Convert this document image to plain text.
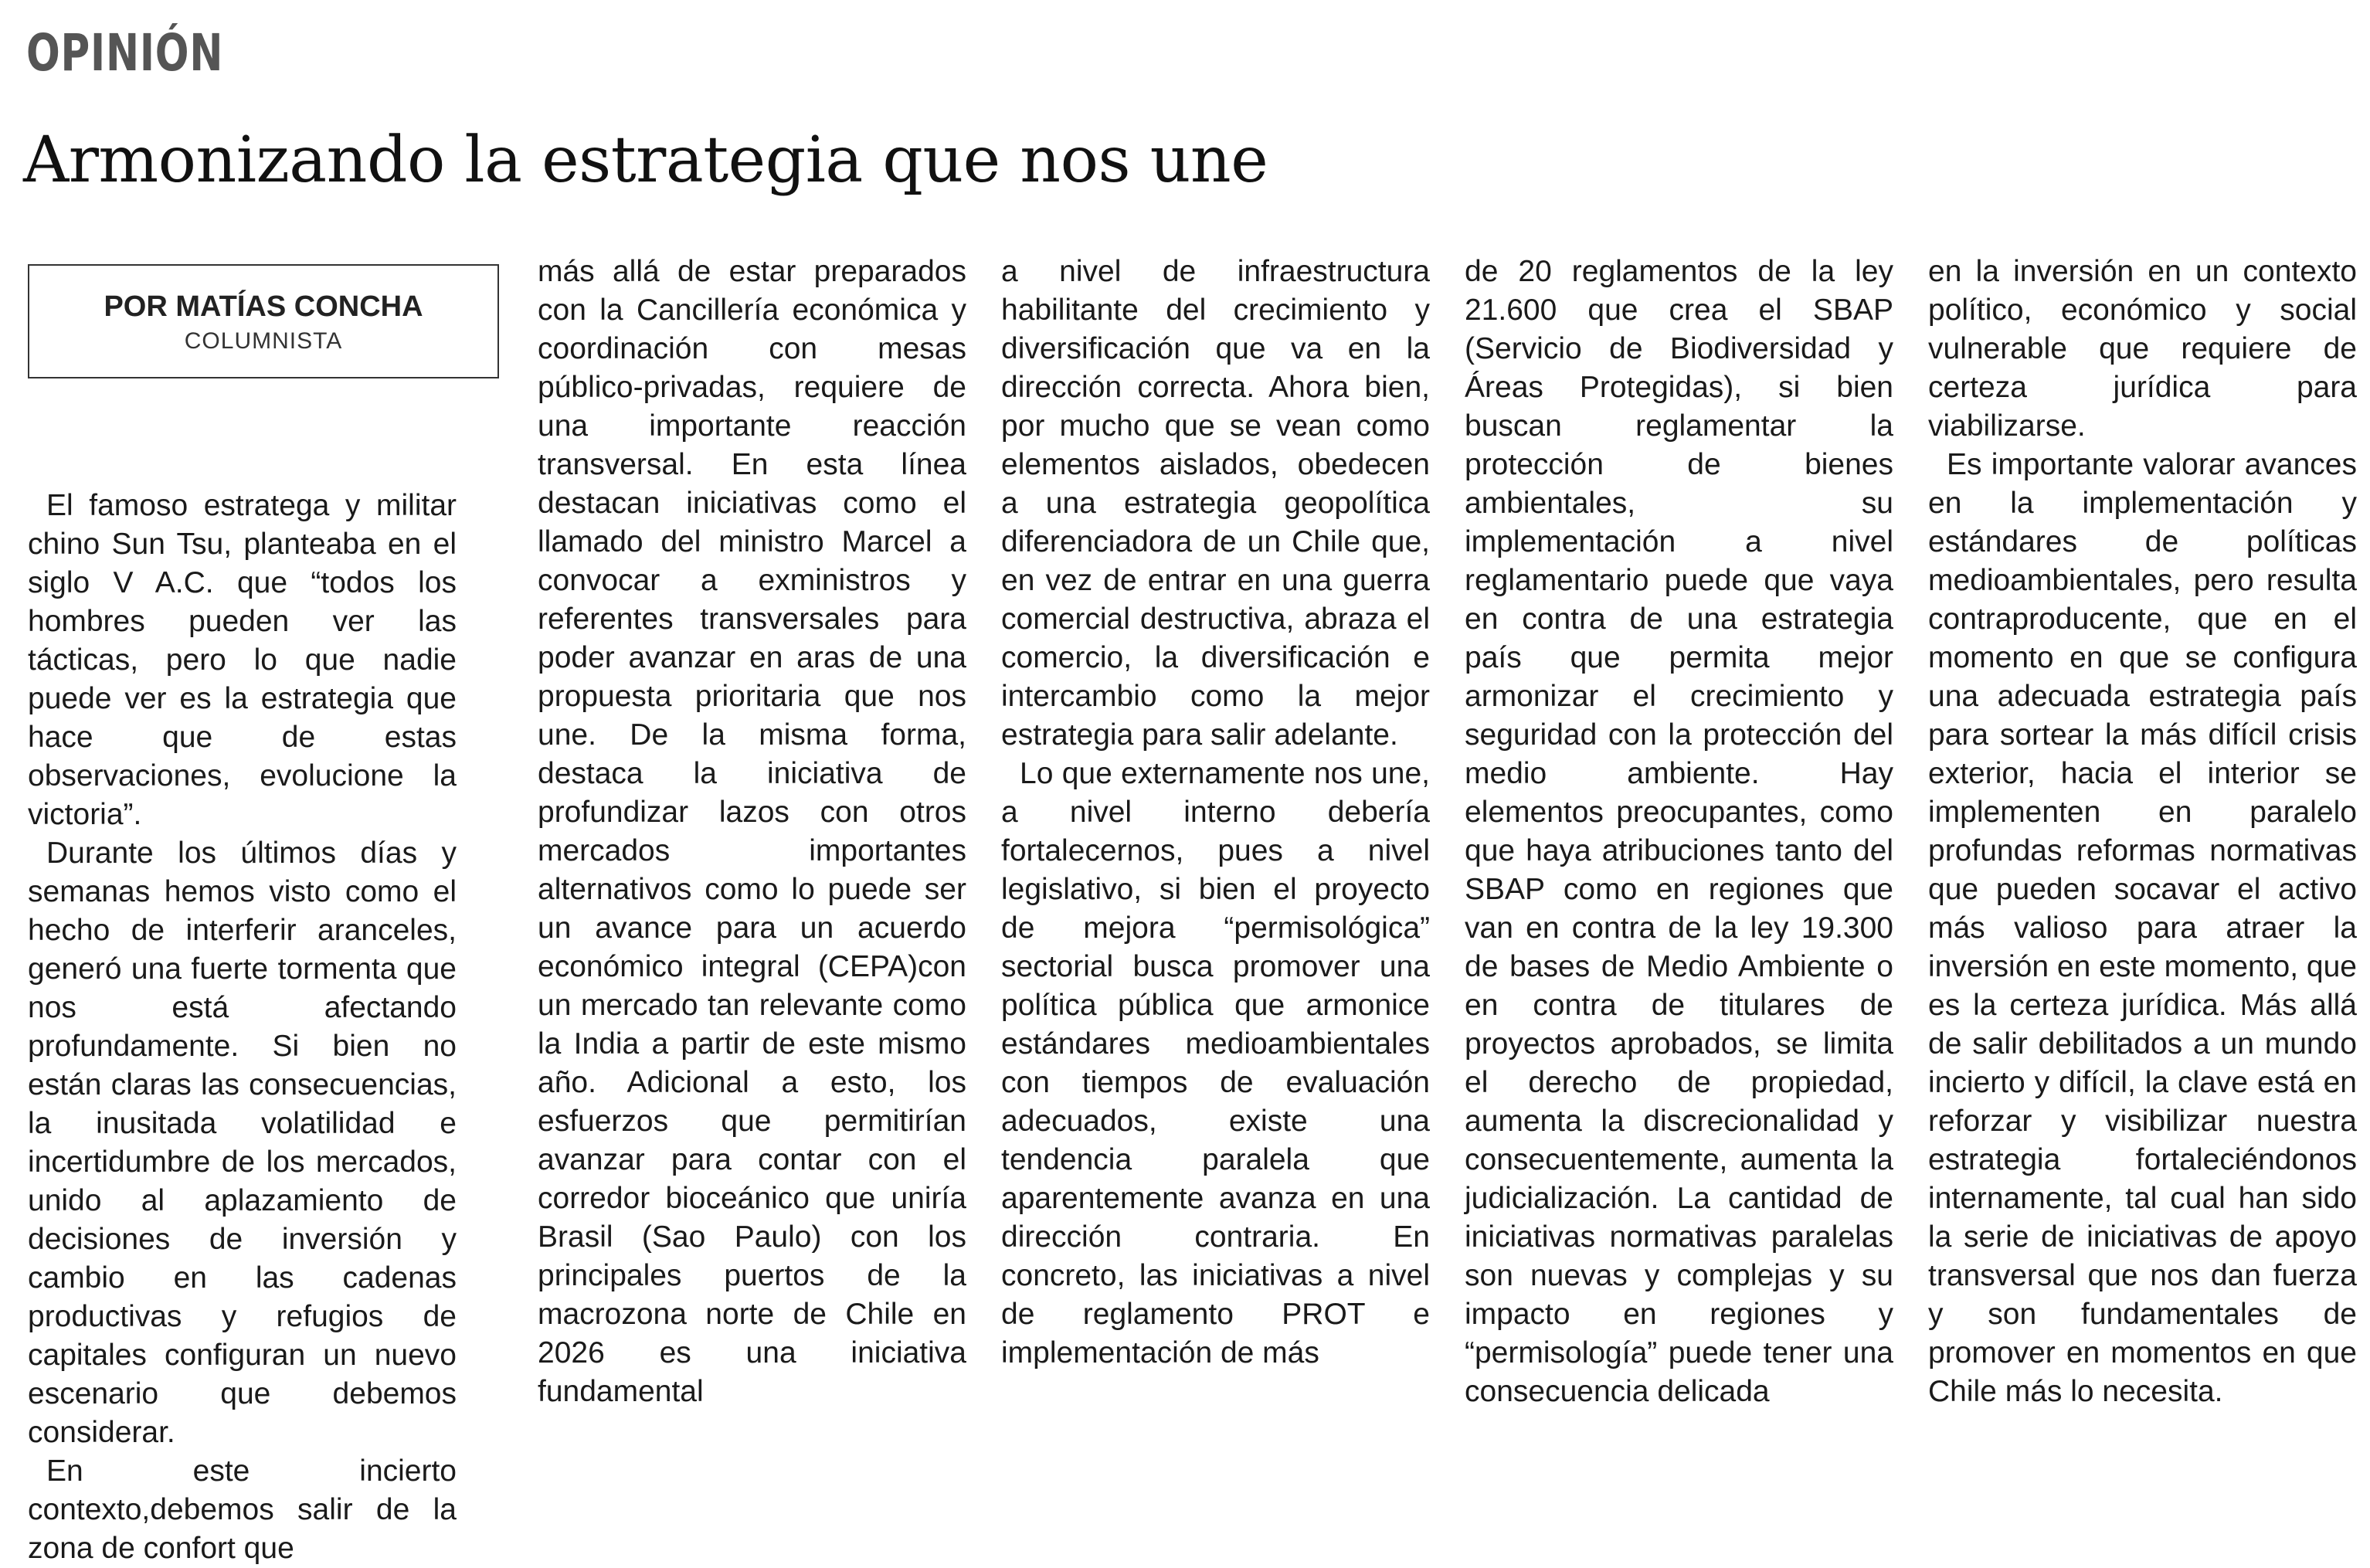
OPINIÓN
Armonizando la estrategia que nos une
POR MATÍAS CONCHA
COLUMNISTA

El famoso estratega y militar chino Sun Tsu, planteaba en el siglo V A.C. que “todos los hombres pueden ver las tácticas, pero lo que nadie puede ver es la estrategia que hace que de estas observaciones, evolucione la victoria”.

Durante los últimos días y semanas hemos visto como el hecho de interferir aranceles, generó una fuerte tormenta que nos está afectando profundamente. Si bien no están claras las consecuencias, la inusitada volatilidad e incertidumbre de los mercados, unido al aplazamiento de decisiones de inversión y cambio en las cadenas productivas y refugios de capitales configuran un nuevo escenario que debemos considerar.

En este incierto contexto,debemos salir de la zona de confort que

más allá de estar preparados con la Cancillería económica y coordinación con mesas público-privadas, requiere de una importante reacción transversal. En esta línea destacan iniciativas como el llamado del ministro Marcel a convocar a exministros y referentes transversales para poder avanzar en aras de una propuesta prioritaria que nos une. De la misma forma, destaca la iniciativa de profundizar lazos con otros mercados importantes alternativos como lo puede ser un avance para un acuerdo económico integral (CEPA)con un mercado tan relevante como la India a partir de este mismo año. Adicional a esto, los esfuerzos que permitirían avanzar para contar con el corredor bioceánico que uniría Brasil (Sao Paulo) con los principales puertos de la macrozona norte de Chile en 2026 es una iniciativa fundamental

a nivel de infraestructura habilitante del crecimiento y diversificación que va en la dirección correcta. Ahora bien, por mucho que se vean como elementos aislados, obedecen a una estrategia geopolítica diferenciadora de un Chile que, en vez de entrar en una guerra comercial destructiva, abraza el comercio, la diversificación e intercambio como la mejor estrategia para salir adelante.

Lo que externamente nos une, a nivel interno debería fortalecernos, pues a nivel legislativo, si bien el proyecto de mejora “permisológica” sectorial busca promover una política pública que armonice estándares medioambientales con tiempos de evaluación adecuados, existe una tendencia paralela que aparentemente avanza en una dirección contraria. En concreto, las iniciativas a nivel de reglamento PROT e implementación de más

de 20 reglamentos de la ley 21.600 que crea el SBAP (Servicio de Biodiversidad y Áreas Protegidas), si bien buscan reglamentar la protección de bienes ambientales, su implementación a nivel reglamentario puede que vaya en contra de una estrategia país que permita mejor armonizar el crecimiento y seguridad con la protección del medio ambiente. Hay elementos preocupantes, como que haya atribuciones tanto del SBAP como en regiones que van en contra de la ley 19.300 de bases de Medio Ambiente o en contra de titulares de proyectos aprobados, se limita el derecho de propiedad, aumenta la discrecionalidad y consecuentemente, aumenta la judicialización. La cantidad de iniciativas normativas paralelas son nuevas y complejas y su impacto en regiones y “permisología” puede tener una consecuencia delicada

en la inversión en un contexto político, económico y social vulnerable que requiere de certeza jurídica para viabilizarse.

Es importante valorar avances en la implementación y estándares de políticas medioambientales, pero resulta contraproducente, que en el momento en que se configura una adecuada estrategia país para sortear la más difícil crisis exterior, hacia el interior se implementen en paralelo profundas reformas normativas que pueden socavar el activo más valioso para atraer la inversión en este momento, que es la certeza jurídica. Más allá de salir debilitados a un mundo incierto y difícil, la clave está en reforzar y visibilizar nuestra estrategia fortaleciéndonos internamente, tal cual han sido la serie de iniciativas de apoyo transversal que nos dan fuerza y son fundamentales de promover en momentos en que Chile más lo necesita.
